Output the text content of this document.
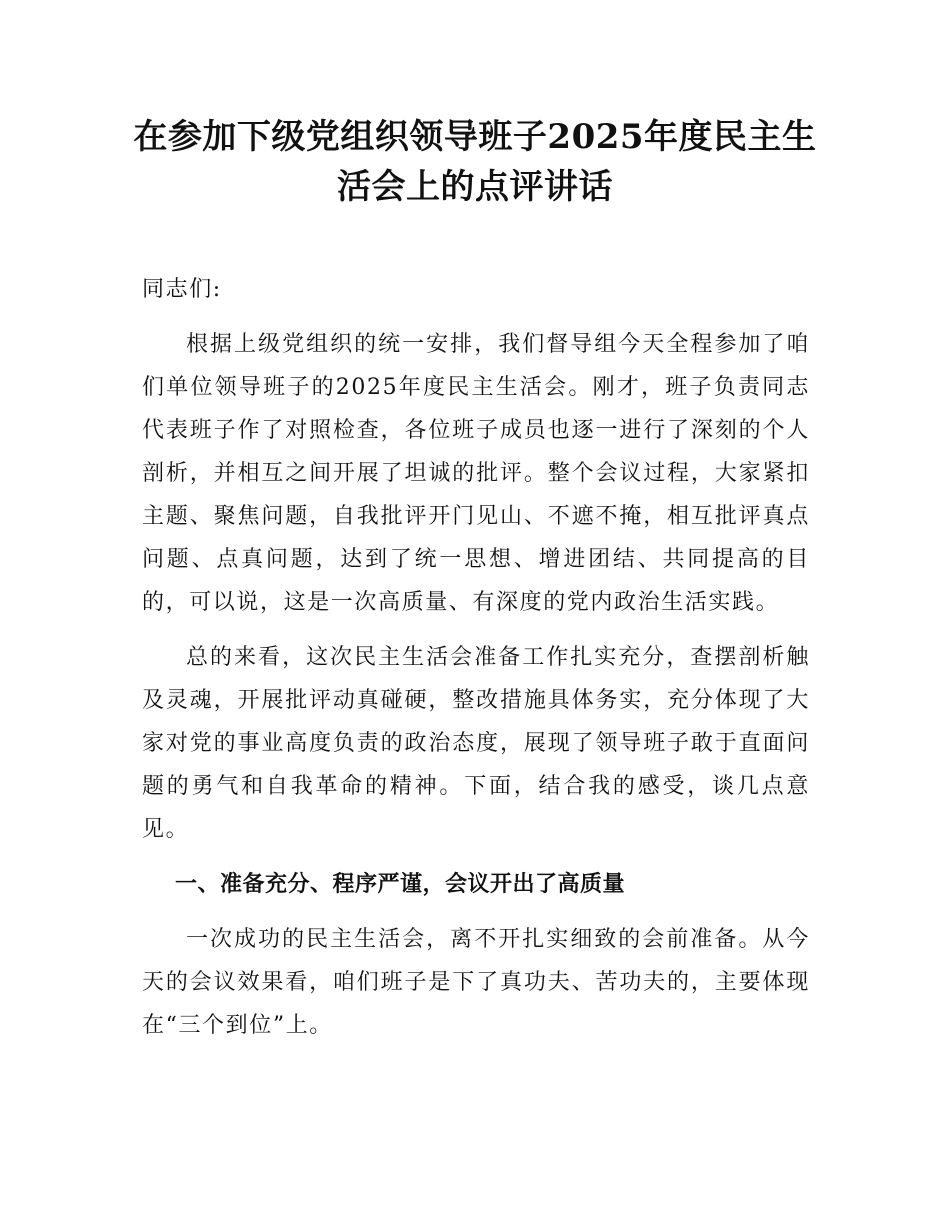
在参加下级党组织领导班子2025年度民主生活会上的点评讲话

同志们:

根据上级党组织的统一安排，我们督导组今天全程参加了咱们单位领导班子的2025年度民主生活会。刚才，班子负责同志代表班子作了对照检查，各位班子成员也逐一进行了深刻的个人剖析，并相互之间开展了坦诚的批评。整个会议过程，大家紧扣主题、聚焦问题，自我批评开门见山、不遮不掩，相互批评真点问题、点真问题，达到了统一思想、增进团结、共同提高的目的，可以说，这是一次高质量、有深度的党内政治生活实践。

总的来看，这次民主生活会准备工作扎实充分，查摆剖析触及灵魂，开展批评动真碰硬，整改措施具体务实，充分体现了大家对党的事业高度负责的政治态度，展现了领导班子敢于直面问题的勇气和自我革命的精神。下面，结合我的感受，谈几点意见。

一、准备充分、程序严谨，会议开出了高质量

一次成功的民主生活会，离不开扎实细致的会前准备。从今天的会议效果看，咱们班子是下了真功夫、苦功夫的，主要体现在“三个到位”上。
